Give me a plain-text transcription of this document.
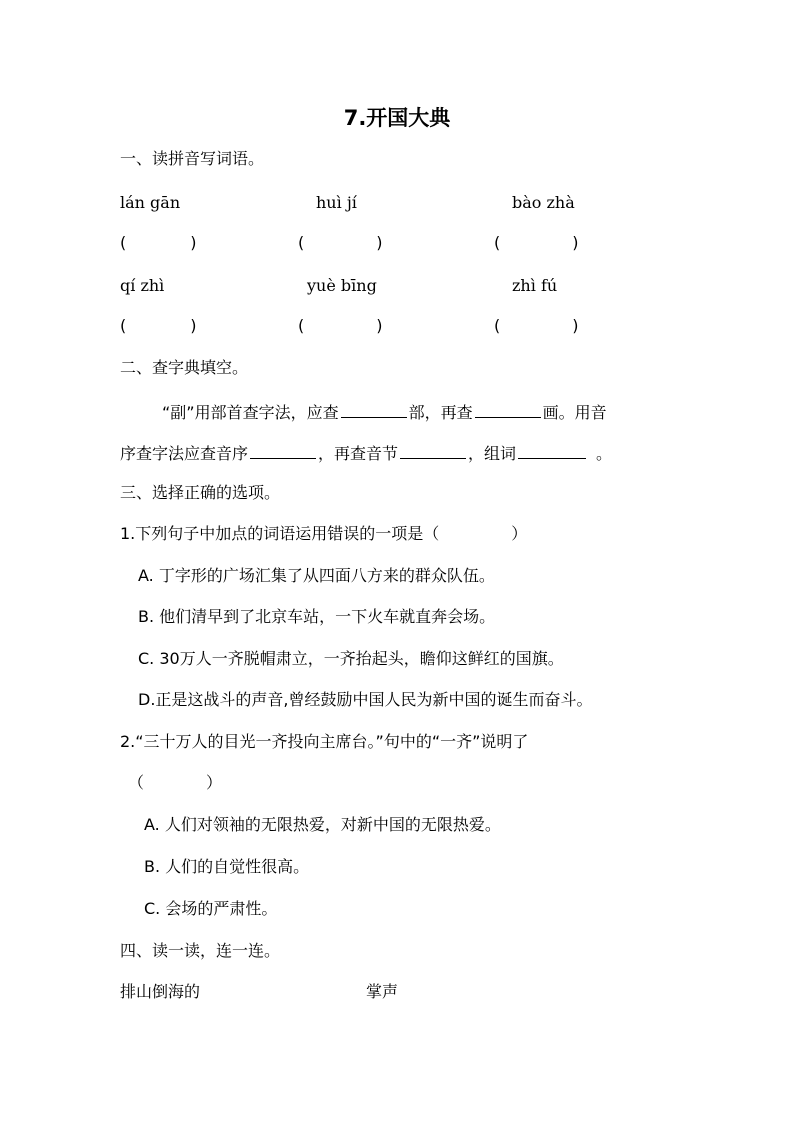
7.开国大典
一、读拼音写词语。
lán gān	huì jí	bào zhà
(	)	(	)	(	)
qí zhì	yuè bīng	zhì fú
(	)	(	)	(	)
二、查字典填空。
“副”用部首查字法，应查	部，再查	画。用音
序查字法应查音序	，再查音节	，组词	。
三、选择正确的选项。
1.下列句子中加点的词语运用错误的一项是（	）
A. 丁字形的广场汇集了从四面八方来的群众队伍。
B. 他们清早到了北京车站，一下火车就直奔会场。
C. 30万人一齐脱帽肃立，一齐抬起头，瞻仰这鲜红的国旗。
D.正是这战斗的声音,曾经鼓励中国人民为新中国的诞生而奋斗。
2.“三十万人的目光一齐投向主席台。”句中的“一齐”说明了
（	）
A. 人们对领袖的无限热爱，对新中国的无限热爱。
B. 人们的自觉性很高。
C. 会场的严肃性。
四、读一读，连一连。
排山倒海的	掌声
